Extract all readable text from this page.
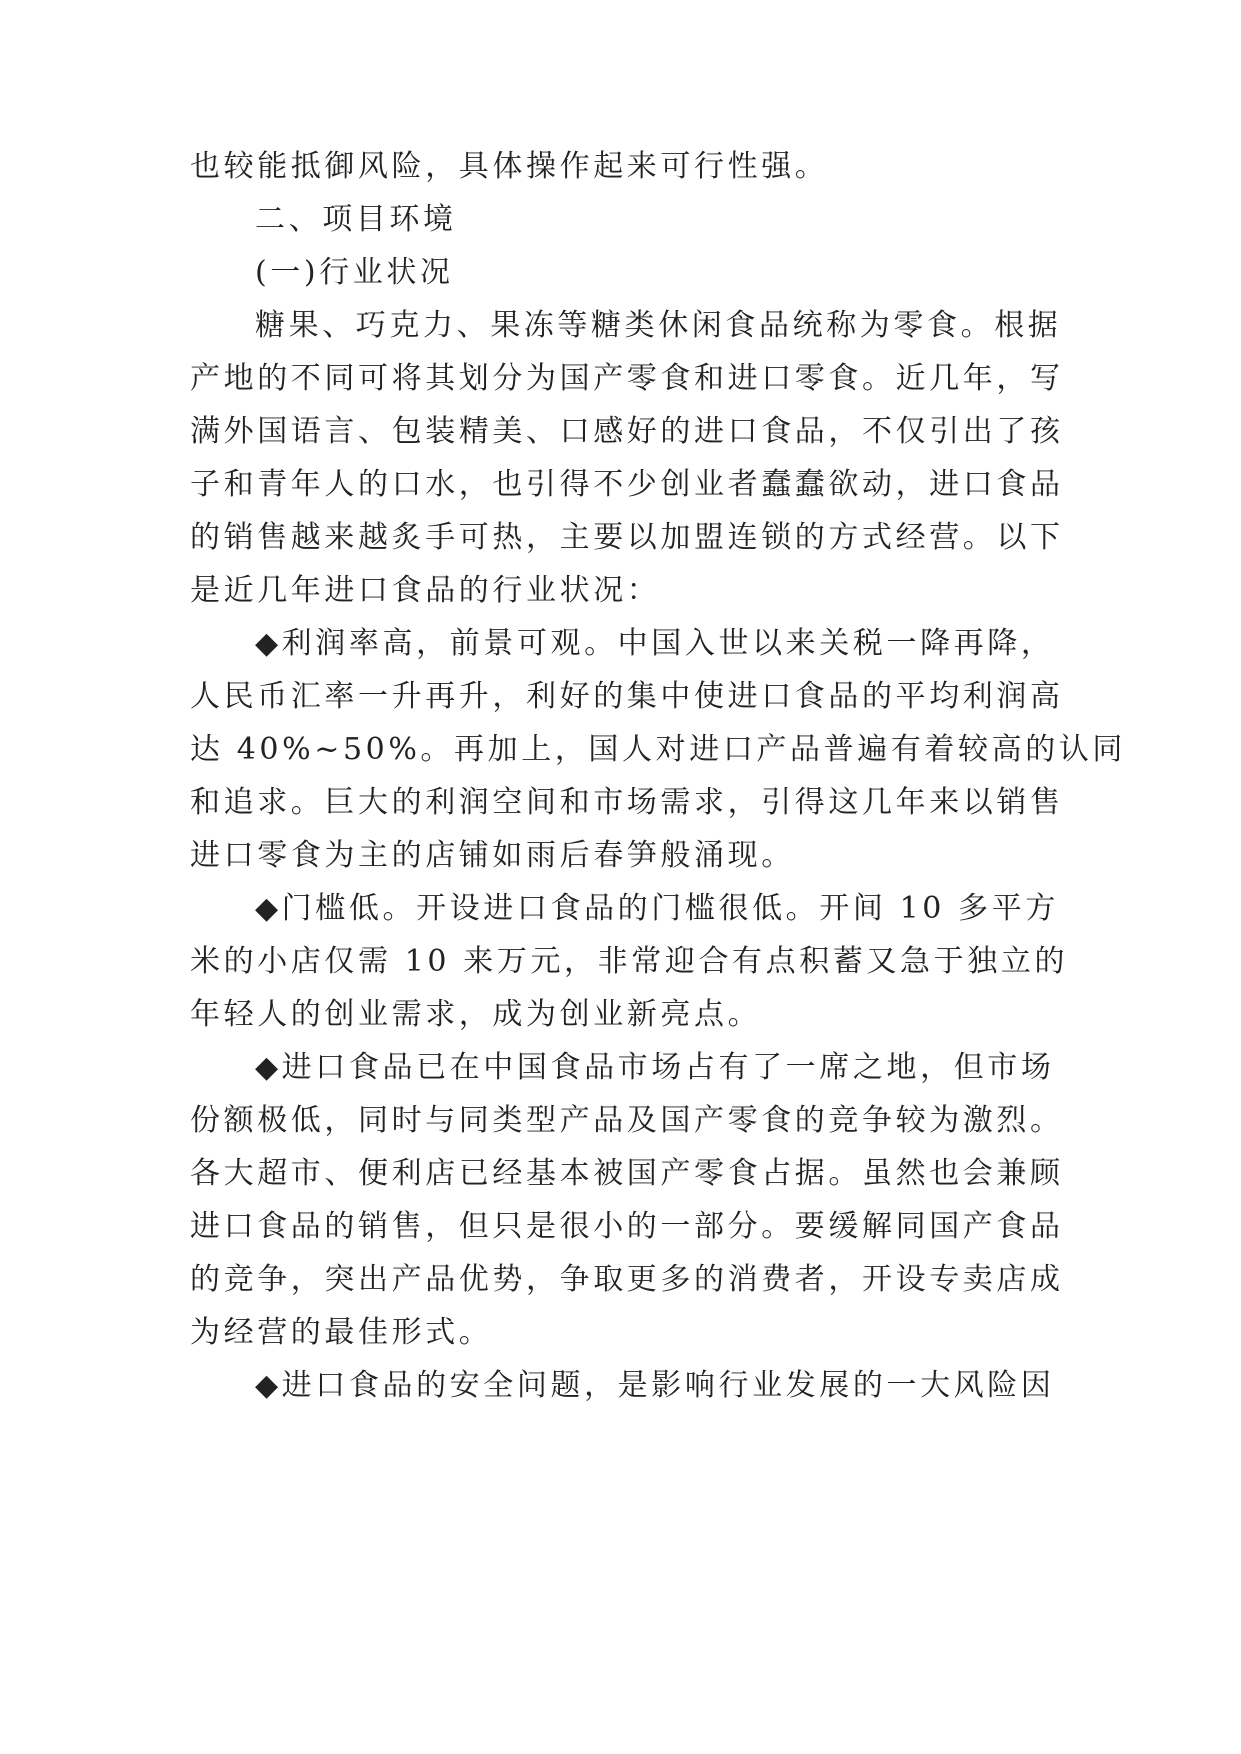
也较能抵御风险，具体操作起来可行性强。
二、项目环境
(一)行业状况
糖果、巧克力、果冻等糖类休闲食品统称为零食。根据
产地的不同可将其划分为国产零食和进口零食。近几年，写
满外国语言、包装精美、口感好的进口食品，不仅引出了孩
子和青年人的口水，也引得不少创业者蠢蠢欲动，进口食品
的销售越来越炙手可热，主要以加盟连锁的方式经营。以下
是近几年进口食品的行业状况：
◆利润率高，前景可观。中国入世以来关税一降再降，
人民币汇率一升再升，利好的集中使进口食品的平均利润高
达 40%~50%。再加上，国人对进口产品普遍有着较高的认同
和追求。巨大的利润空间和市场需求，引得这几年来以销售
进口零食为主的店铺如雨后春笋般涌现。
◆门槛低。开设进口食品的门槛很低。开间 10 多平方
米的小店仅需 10 来万元，非常迎合有点积蓄又急于独立的
年轻人的创业需求，成为创业新亮点。
◆进口食品已在中国食品市场占有了一席之地，但市场
份额极低，同时与同类型产品及国产零食的竞争较为激烈。
各大超市、便利店已经基本被国产零食占据。虽然也会兼顾
进口食品的销售，但只是很小的一部分。要缓解同国产食品
的竞争，突出产品优势，争取更多的消费者，开设专卖店成
为经营的最佳形式。
◆进口食品的安全问题，是影响行业发展的一大风险因
